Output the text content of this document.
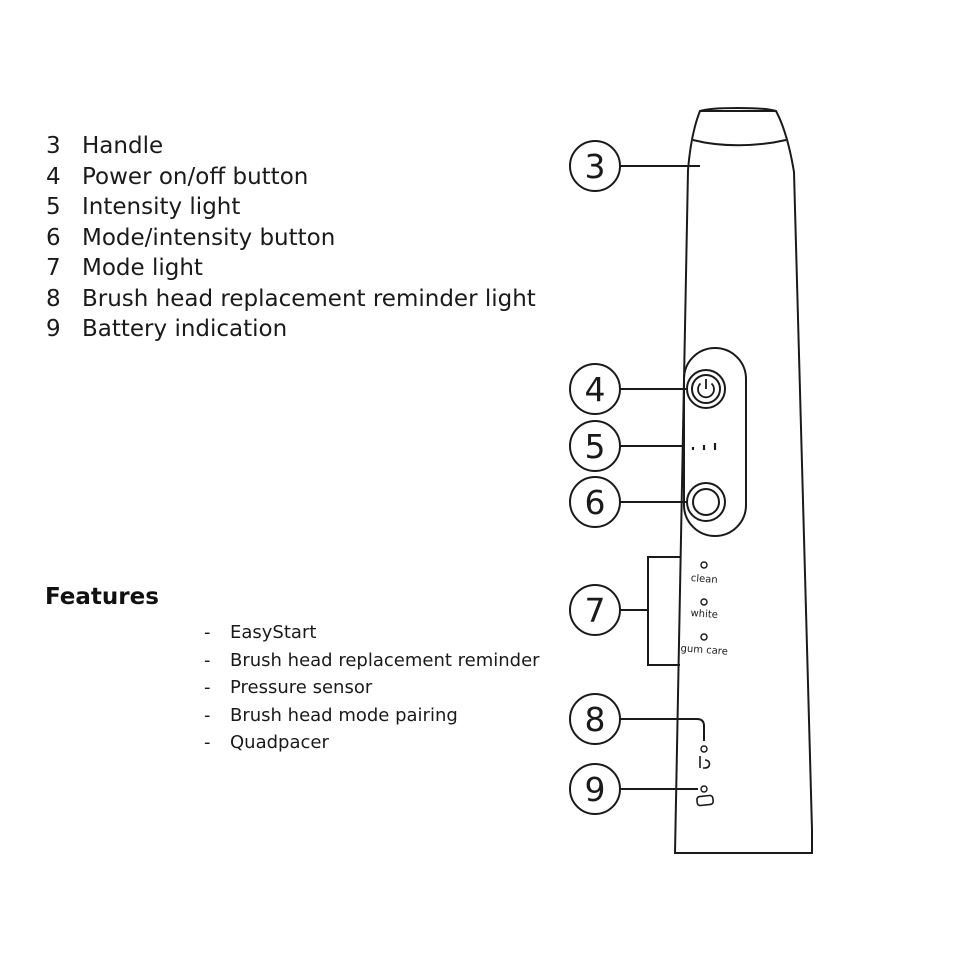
3 Handle
4 Power on/off button
5 Intensity light
6 Mode/intensity button
7 Mode light
8 Brush head replacement reminder light
9 Battery indication
Features
- EasyStart
- Brush head replacement reminder
- Pressure sensor
- Brush head mode pairing
- Quadpacer
clean
white
gum care
3
4
5
6
7
8
9
